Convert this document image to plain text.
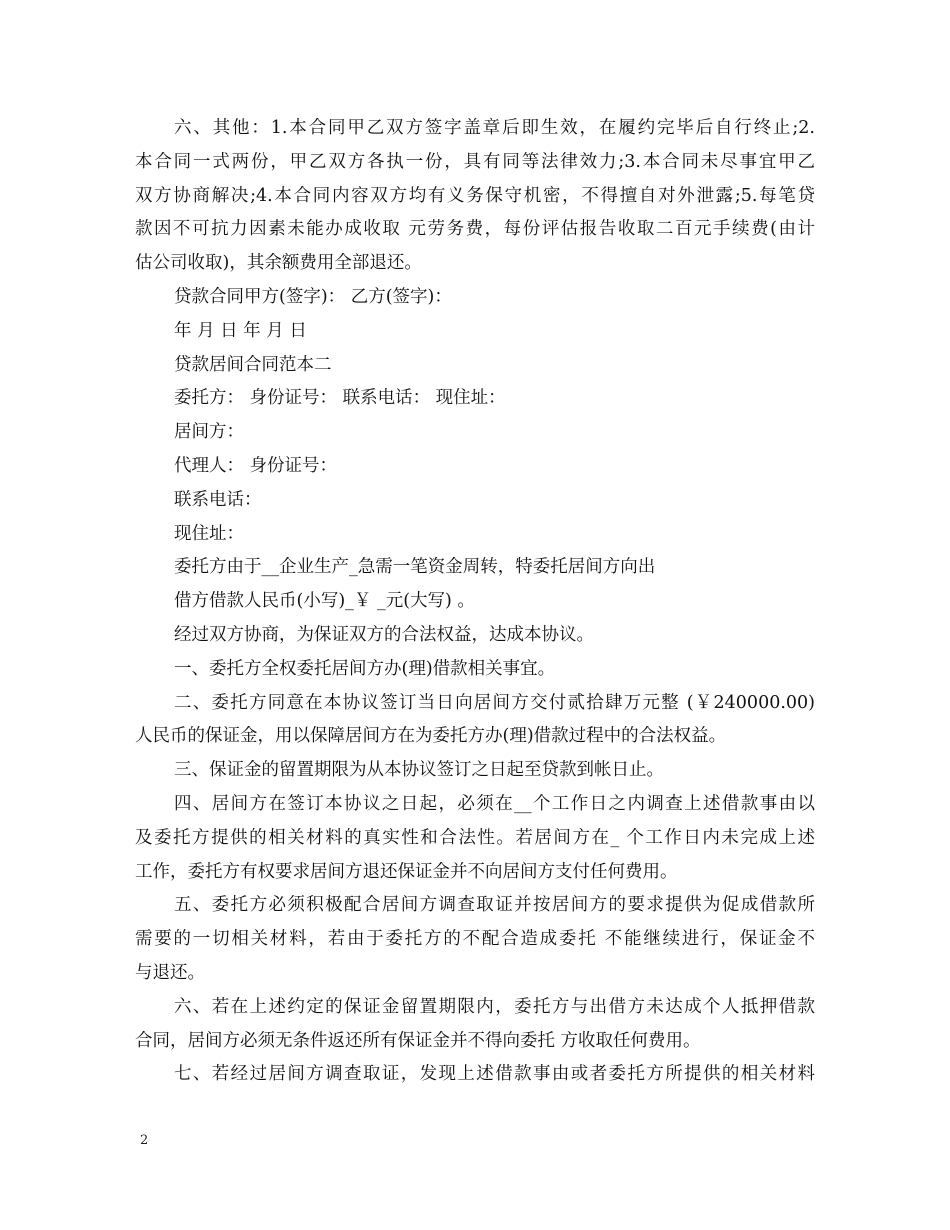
六、其他：1.本合同甲乙双方签字盖章后即生效，在履约完毕后自行终止;2.
本合同一式两份，甲乙双方各执一份，具有同等法律效力;3.本合同未尽事宜甲乙
双方协商解决;4.本合同内容双方均有义务保守机密，不得擅自对外泄露;5.每笔贷
款因不可抗力因素未能办成收取 元劳务费，每份评估报告收取二百元手续费(由计
估公司收取)，其余额费用全部退还。
贷款合同甲方(签字)： 乙方(签字)：
年 月 日 年 月 日
贷款居间合同范本二
委托方： 身份证号： 联系电话： 现住址：
居间方：
代理人： 身份证号：
联系电话：
现住址：
委托方由于__企业生产_急需一笔资金周转，特委托居间方向出
借方借款人民币(小写)_￥ _元(大写) 。
经过双方协商，为保证双方的合法权益，达成本协议。
一、委托方全权委托居间方办(理)借款相关事宜。
二、委托方同意在本协议签订当日向居间方交付贰拾肆万元整 (￥240000.00)
人民币的保证金，用以保障居间方在为委托方办(理)借款过程中的合法权益。
三、保证金的留置期限为从本协议签订之日起至贷款到帐日止。
四、居间方在签订本协议之日起，必须在__个工作日之内调查上述借款事由以
及委托方提供的相关材料的真实性和合法性。若居间方在_ 个工作日内未完成上述
工作，委托方有权要求居间方退还保证金并不向居间方支付任何费用。
五、委托方必须积极配合居间方调查取证并按居间方的要求提供为促成借款所
需要的一切相关材料，若由于委托方的不配合造成委托 不能继续进行，保证金不
与退还。
六、若在上述约定的保证金留置期限内，委托方与出借方未达成个人抵押借款
合同，居间方必须无条件返还所有保证金并不得向委托 方收取任何费用。
七、若经过居间方调查取证，发现上述借款事由或者委托方所提供的相关材料
2
